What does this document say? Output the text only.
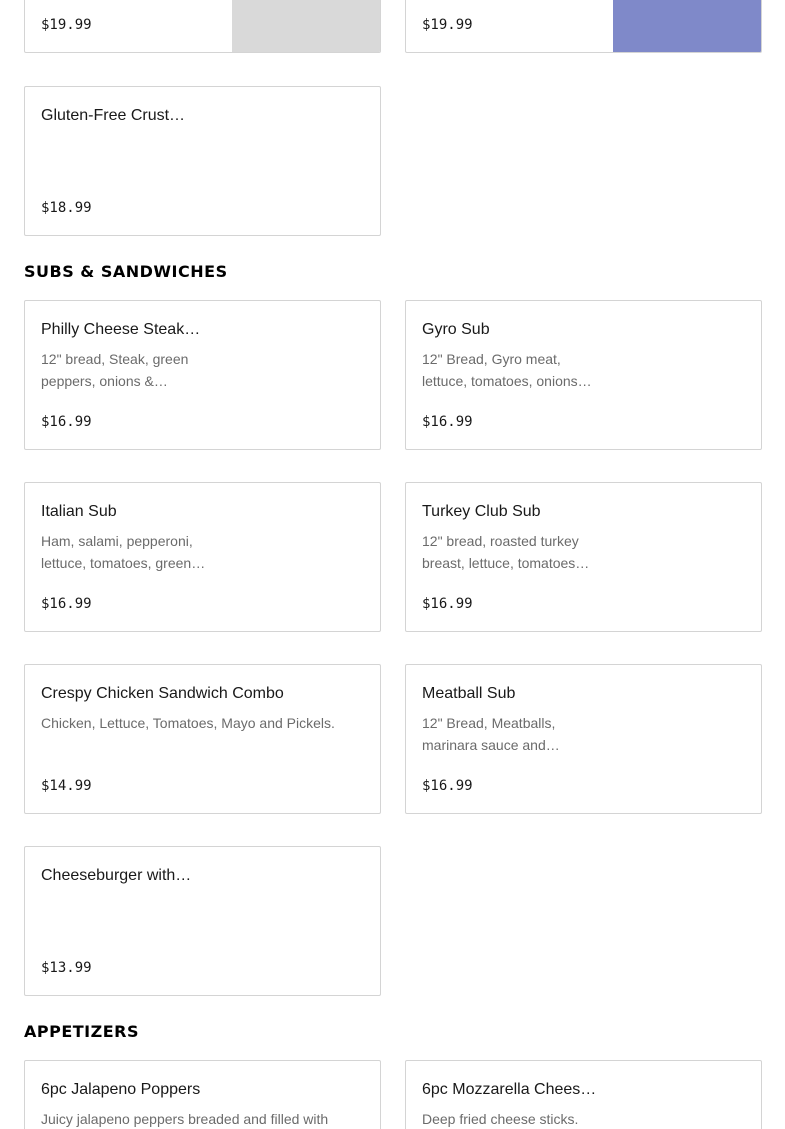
$19.99	$19.99
Gluten-Free Crust…
$18.99
SUBS & SANDWICHES
Philly Cheese Steak…
12" bread, Steak, green peppers, onions &…
$16.99
Gyro Sub
12" Bread, Gyro meat, lettuce, tomatoes, onions…
$16.99
Italian Sub
Ham, salami, pepperoni, lettuce, tomatoes, green…
$16.99
Turkey Club Sub
12" bread, roasted turkey breast, lettuce, tomatoes…
$16.99
Crespy Chicken Sandwich Combo
Chicken, Lettuce, Tomatoes, Mayo and Pickels.
$14.99
Meatball Sub
12" Bread, Meatballs, marinara sauce and…
$16.99
Cheeseburger with…
$13.99
APPETIZERS
6pc Jalapeno Poppers
Juicy jalapeno peppers breaded and filled with
6pc Mozzarella Chees…
Deep fried cheese sticks.
